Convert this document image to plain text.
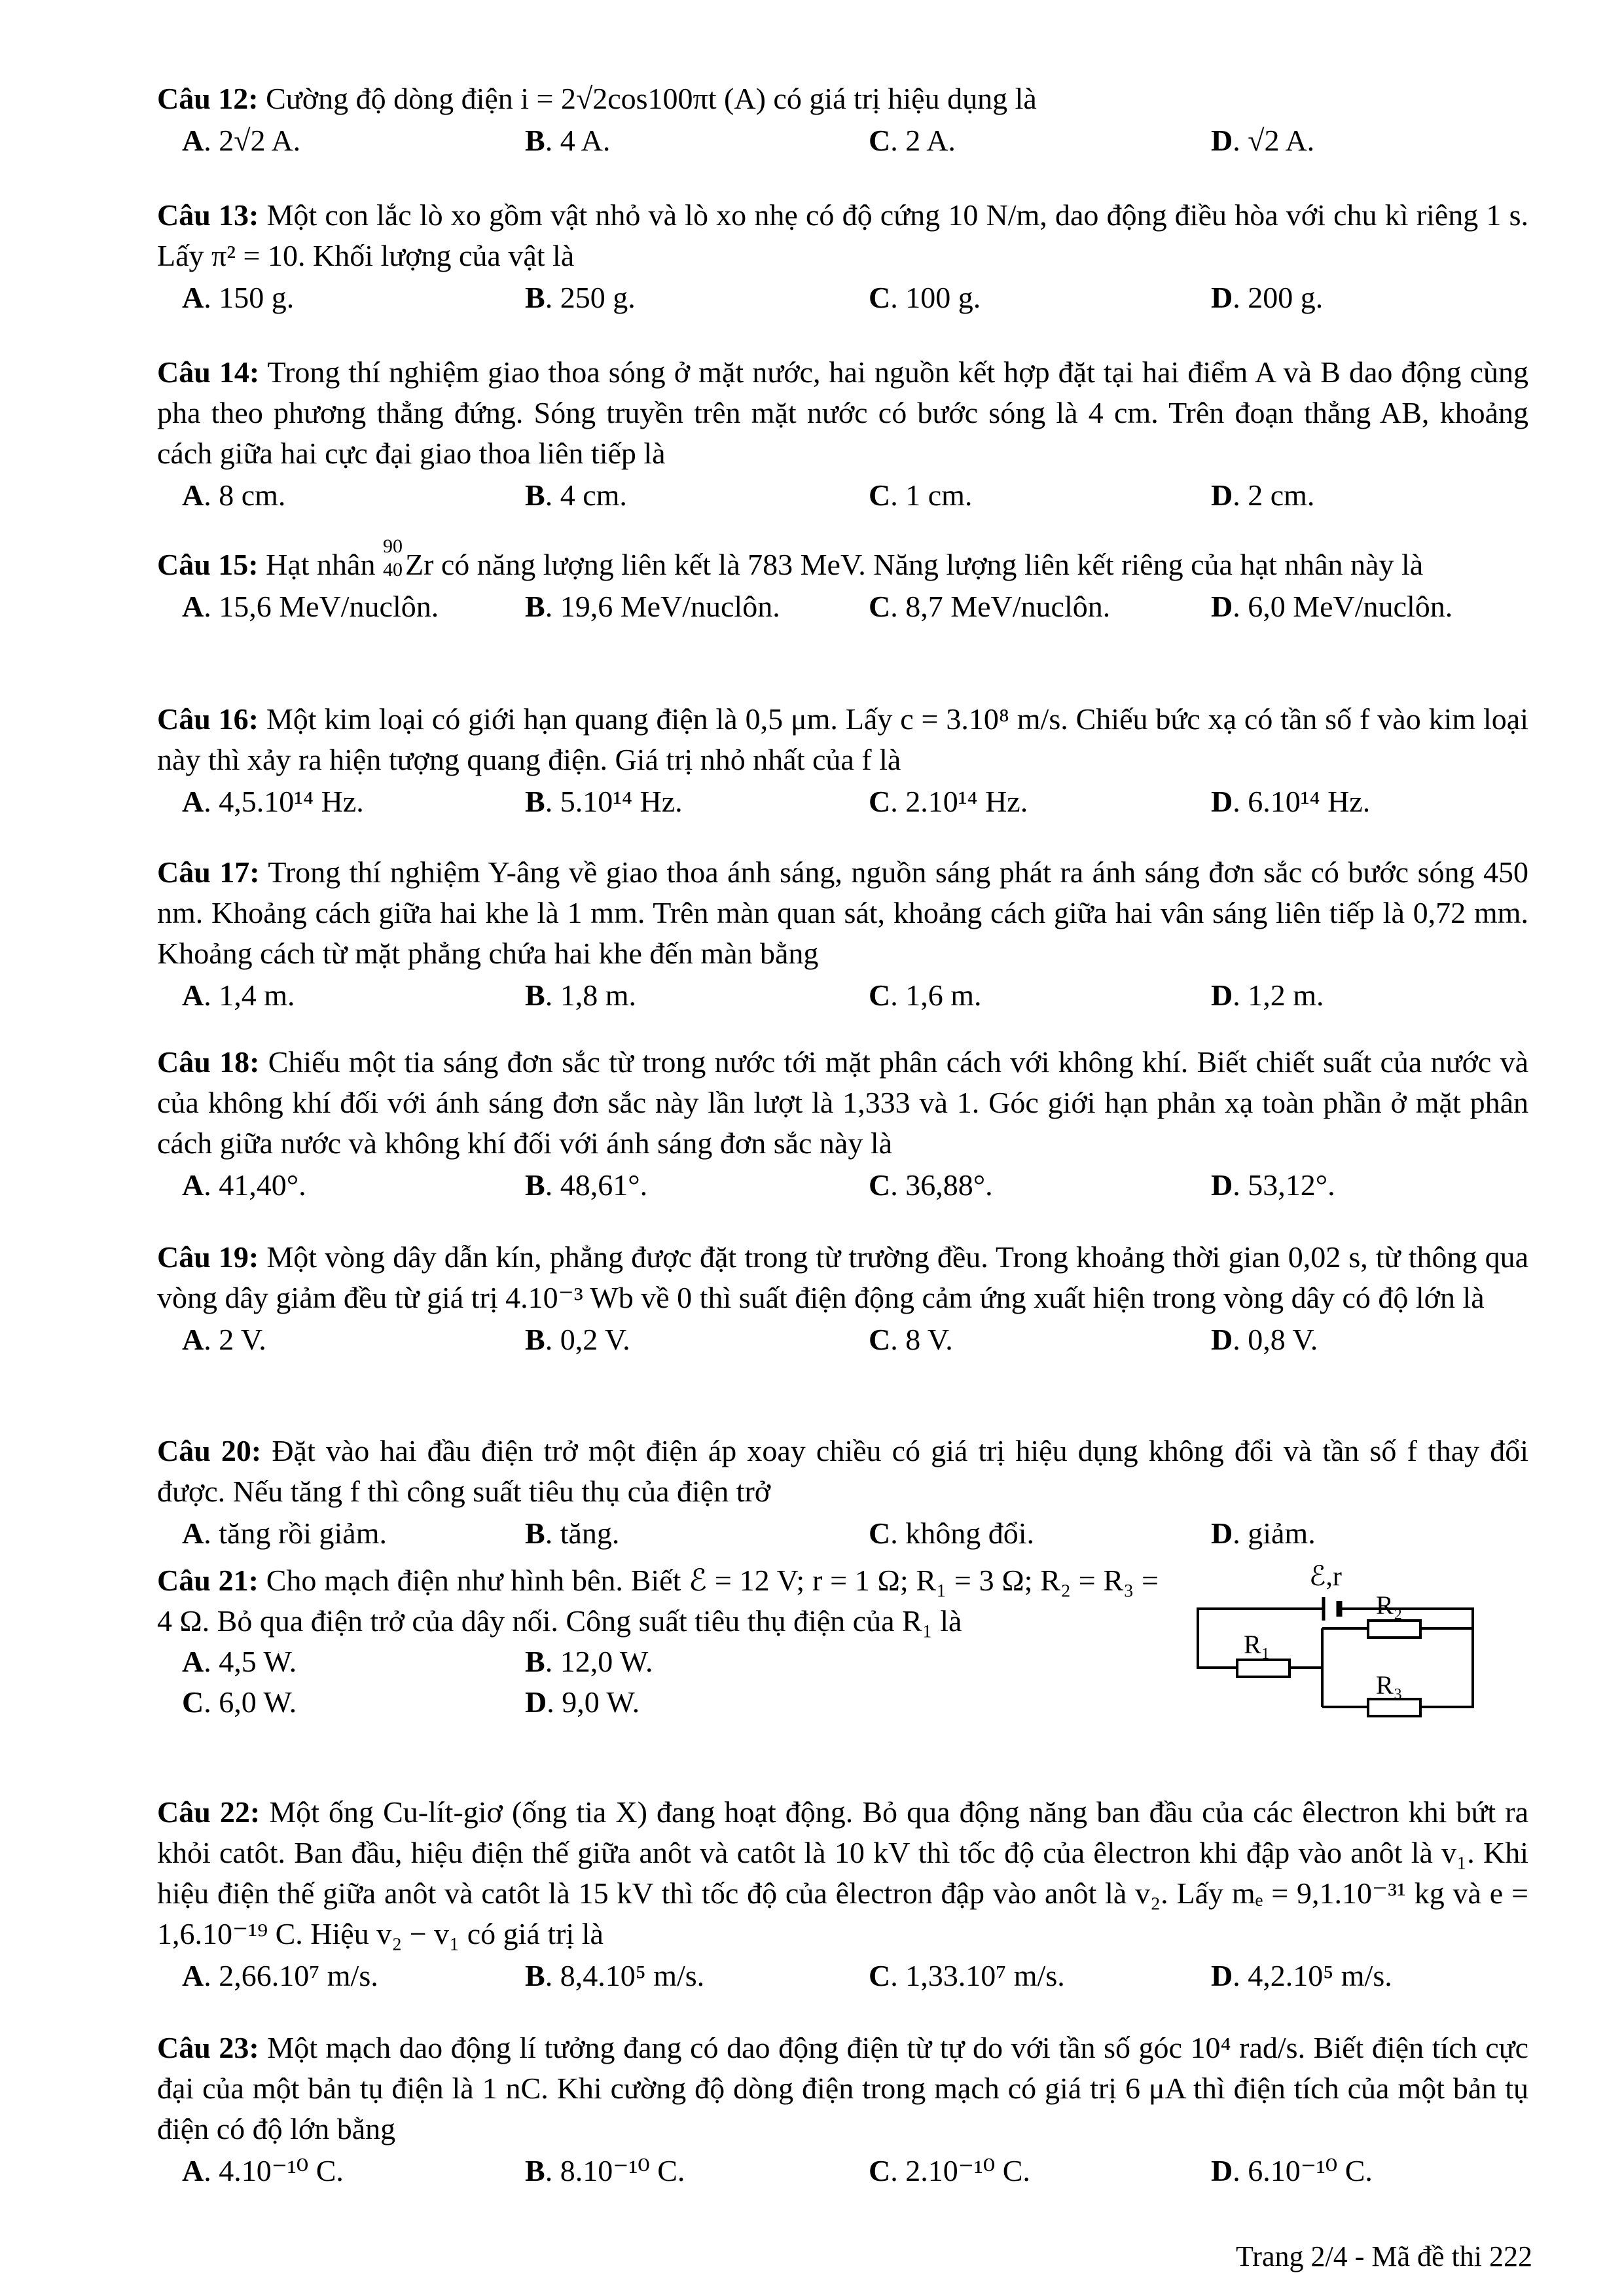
Câu 12: Cường độ dòng điện i = 2√2cos100πt (A) có giá trị hiệu dụng là
A. 2√2 A.	B. 4 A.	C. 2 A.	D. √2 A.
Câu 13: Một con lắc lò xo gồm vật nhỏ và lò xo nhẹ có độ cứng 10 N/m, dao động điều hòa với chu kì riêng 1 s. Lấy π² = 10. Khối lượng của vật là
A. 150 g.	B. 250 g.	C. 100 g.	D. 200 g.
Câu 14: Trong thí nghiệm giao thoa sóng ở mặt nước, hai nguồn kết hợp đặt tại hai điểm A và B dao động cùng pha theo phương thẳng đứng. Sóng truyền trên mặt nước có bước sóng là 4 cm. Trên đoạn thẳng AB, khoảng cách giữa hai cực đại giao thoa liên tiếp là
A. 8 cm.	B. 4 cm.	C. 1 cm.	D. 2 cm.
Câu 15: Hạt nhân
90
40 Zr có năng lượng liên kết là 783 MeV. Năng lượng liên kết riêng của hạt nhân này là
A. 15,6 MeV/nuclôn.	B. 19,6 MeV/nuclôn.	C. 8,7 MeV/nuclôn.	D. 6,0 MeV/nuclôn.
Câu 16: Một kim loại có giới hạn quang điện là 0,5 μm. Lấy c = 3.10⁸ m/s. Chiếu bức xạ có tần số f vào kim loại này thì xảy ra hiện tượng quang điện. Giá trị nhỏ nhất của f là
A. 4,5.10¹⁴ Hz.	B. 5.10¹⁴ Hz.	C. 2.10¹⁴ Hz.	D. 6.10¹⁴ Hz.
Câu 17: Trong thí nghiệm Y-âng về giao thoa ánh sáng, nguồn sáng phát ra ánh sáng đơn sắc có bước sóng 450 nm. Khoảng cách giữa hai khe là 1 mm. Trên màn quan sát, khoảng cách giữa hai vân sáng liên tiếp là 0,72 mm. Khoảng cách từ mặt phẳng chứa hai khe đến màn bằng
A. 1,4 m.	B. 1,8 m.	C. 1,6 m.	D. 1,2 m.
Câu 18: Chiếu một tia sáng đơn sắc từ trong nước tới mặt phân cách với không khí. Biết chiết suất của nước và của không khí đối với ánh sáng đơn sắc này lần lượt là 1,333 và 1. Góc giới hạn phản xạ toàn phần ở mặt phân cách giữa nước và không khí đối với ánh sáng đơn sắc này là
A. 41,40°.	B. 48,61°.	C. 36,88°.	D. 53,12°.
Câu 19: Một vòng dây dẫn kín, phẳng được đặt trong từ trường đều. Trong khoảng thời gian 0,02 s, từ thông qua vòng dây giảm đều từ giá trị 4.10⁻³ Wb về 0 thì suất điện động cảm ứng xuất hiện trong vòng dây có độ lớn là
A. 2 V.	B. 0,2 V.	C. 8 V.	D. 0,8 V.
Câu 20: Đặt vào hai đầu điện trở một điện áp xoay chiều có giá trị hiệu dụng không đổi và tần số f thay đổi được. Nếu tăng f thì công suất tiêu thụ của điện trở
A. tăng rồi giảm.	B. tăng.	C. không đổi.	D. giảm.
Câu 21: Cho mạch điện như hình bên. Biết ℰ = 12 V; r = 1 Ω; R₁ = 3 Ω; R₂ = R₃ = 4 Ω. Bỏ qua điện trở của dây nối. Công suất tiêu thụ điện của R₁ là
A. 4,5 W.	B. 12,0 W.
C. 6,0 W.	D. 9,0 W.
ℰ,r
R₁
R₂
R₃
Câu 22: Một ống Cu-lít-giơ (ống tia X) đang hoạt động. Bỏ qua động năng ban đầu của các êlectron khi bứt ra khỏi catôt. Ban đầu, hiệu điện thế giữa anôt và catôt là 10 kV thì tốc độ của êlectron khi đập vào anôt là v₁. Khi hiệu điện thế giữa anôt và catôt là 15 kV thì tốc độ của êlectron đập vào anôt là v₂. Lấy mₑ = 9,1.10⁻³¹ kg và e = 1,6.10⁻¹⁹ C. Hiệu v₂ − v₁ có giá trị là
A. 2,66.10⁷ m/s.	B. 8,4.10⁵ m/s.	C. 1,33.10⁷ m/s.	D. 4,2.10⁵ m/s.
Câu 23: Một mạch dao động lí tưởng đang có dao động điện từ tự do với tần số góc 10⁴ rad/s. Biết điện tích cực đại của một bản tụ điện là 1 nC. Khi cường độ dòng điện trong mạch có giá trị 6 μA thì điện tích của một bản tụ điện có độ lớn bằng
A. 4.10⁻¹⁰ C.	B. 8.10⁻¹⁰ C.	C. 2.10⁻¹⁰ C.	D. 6.10⁻¹⁰ C.
Trang 2/4 - Mã đề thi 222
